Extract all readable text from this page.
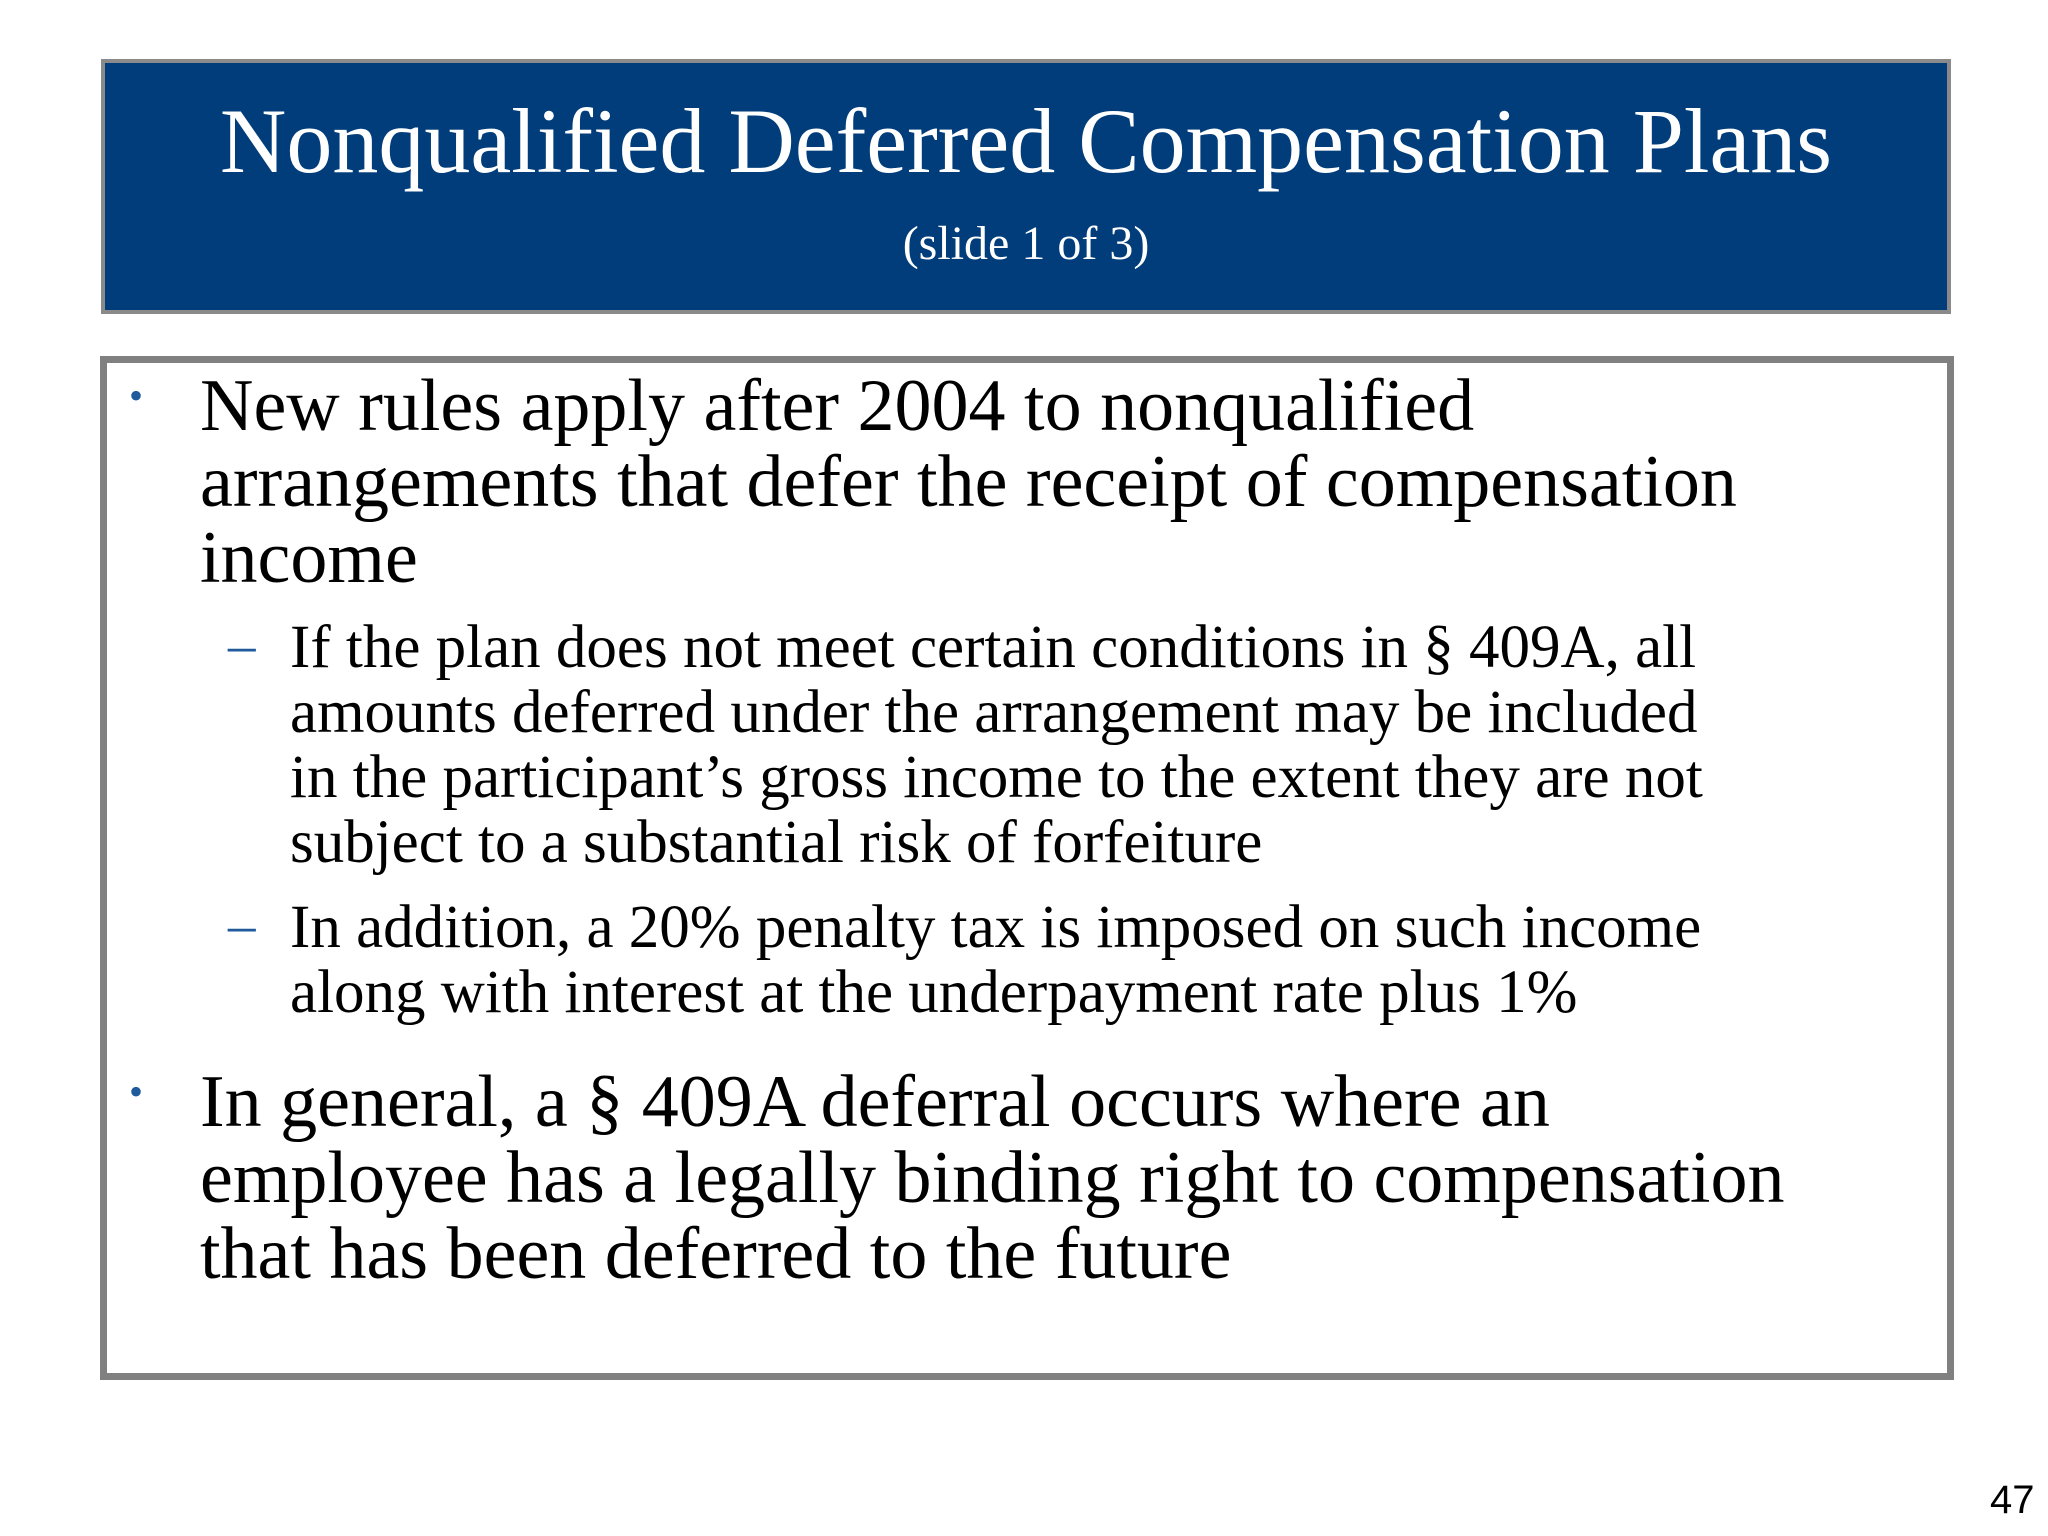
Nonqualified Deferred Compensation Plans
(slide 1 of 3)
• New rules apply after 2004 to nonqualified
arrangements that defer the receipt of compensation
income
– If the plan does not meet certain conditions in § 409A, all
amounts deferred under the arrangement may be included
in the participant’s gross income to the extent they are not
subject to a substantial risk of forfeiture
– In addition, a 20% penalty tax is imposed on such income
along with interest at the underpayment rate plus 1%
• In general, a § 409A deferral occurs where an
employee has a legally binding right to compensation
that has been deferred to the future
47
